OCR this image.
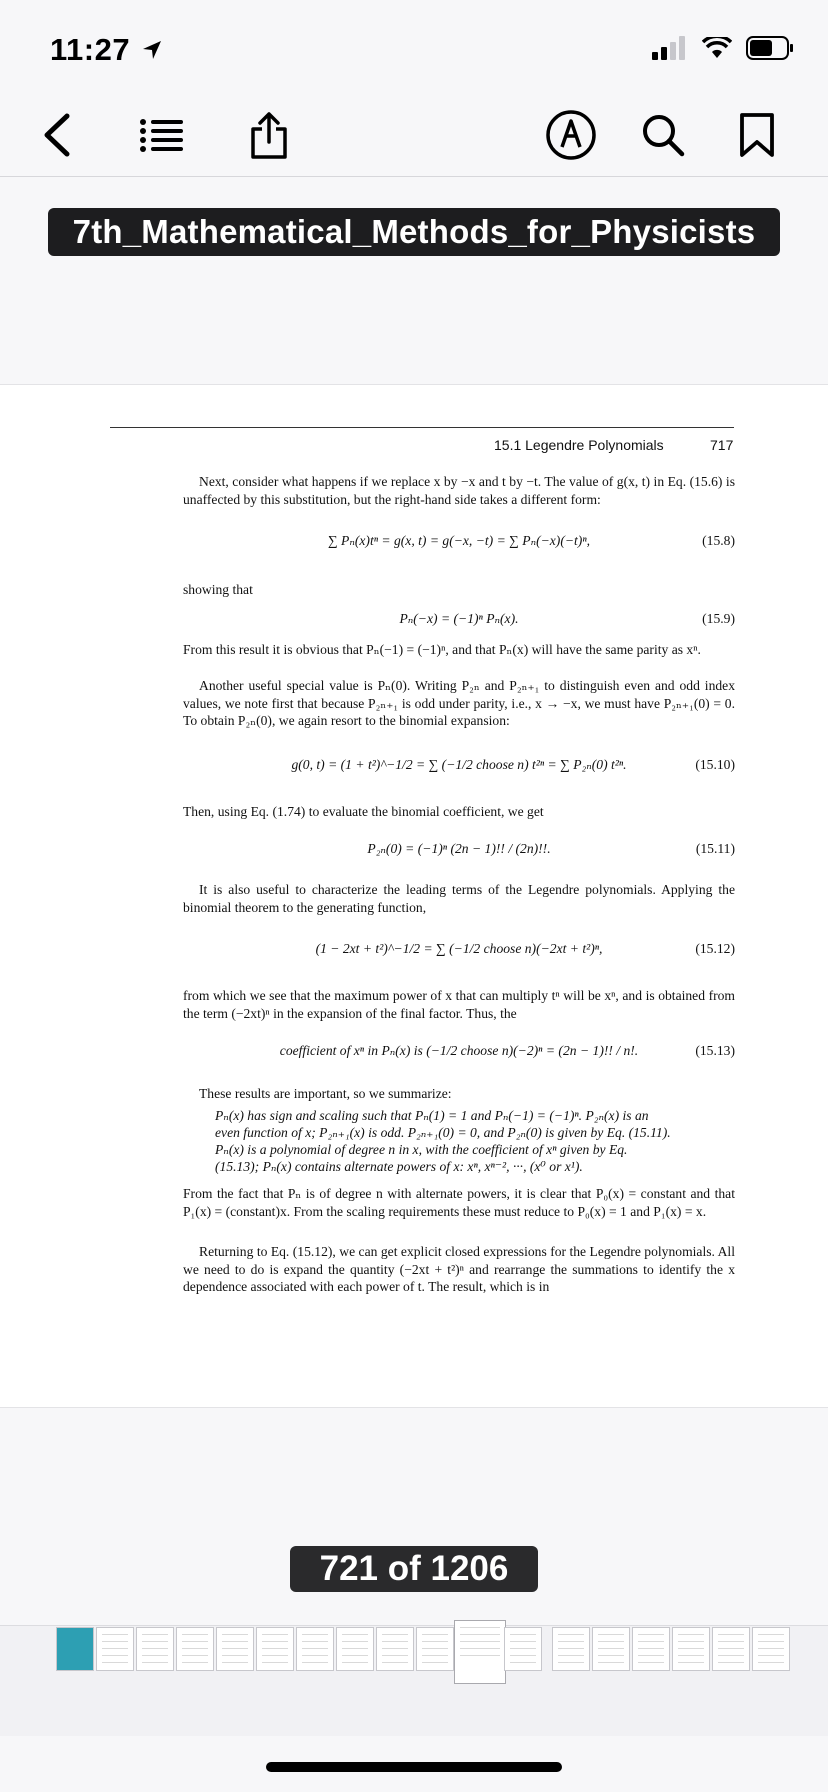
11:27
7th_Mathematical_Methods_for_Physicists
15.1 Legendre Polynomials	717
Next, consider what happens if we replace x by −x and t by −t. The value of g(x, t) in Eq. (15.6) is unaffected by this substitution, but the right-hand side takes a different form:
∑ Pₙ(x)tⁿ = g(x, t) = g(−x, −t) = ∑ Pₙ(−x)(−t)ⁿ,	(15.8)
showing that
Pₙ(−x) = (−1)ⁿ Pₙ(x).	(15.9)
From this result it is obvious that Pₙ(−1) = (−1)ⁿ, and that Pₙ(x) will have the same parity as xⁿ.
Another useful special value is Pₙ(0). Writing P₂ₙ and P₂ₙ₊₁ to distinguish even and odd index values, we note first that because P₂ₙ₊₁ is odd under parity, i.e., x → −x, we must have P₂ₙ₊₁(0) = 0. To obtain P₂ₙ(0), we again resort to the binomial expansion:
g(0, t) = (1 + t²)^−1/2 = ∑ (−1/2 choose n) t²ⁿ = ∑ P₂ₙ(0) t²ⁿ.	(15.10)
Then, using Eq. (1.74) to evaluate the binomial coefficient, we get
P₂ₙ(0) = (−1)ⁿ (2n − 1)!! / (2n)!!.	(15.11)
It is also useful to characterize the leading terms of the Legendre polynomials. Applying the binomial theorem to the generating function,
(1 − 2xt + t²)^−1/2 = ∑ (−1/2 choose n)(−2xt + t²)ⁿ,	(15.12)
from which we see that the maximum power of x that can multiply tⁿ will be xⁿ, and is obtained from the term (−2xt)ⁿ in the expansion of the final factor. Thus, the
coefficient of xⁿ in Pₙ(x) is (−1/2 choose n)(−2)ⁿ = (2n − 1)!! / n!.	(15.13)
These results are important, so we summarize:
Pₙ(x) has sign and scaling such that Pₙ(1) = 1 and Pₙ(−1) = (−1)ⁿ. P₂ₙ(x) is an even function of x; P₂ₙ₊₁(x) is odd. P₂ₙ₊₁(0) = 0, and P₂ₙ(0) is given by Eq. (15.11). Pₙ(x) is a polynomial of degree n in x, with the coefficient of xⁿ given by Eq. (15.13); Pₙ(x) contains alternate powers of x: xⁿ, xⁿ⁻², ···, (x⁰ or x¹).
From the fact that Pₙ is of degree n with alternate powers, it is clear that P₀(x) = constant and that P₁(x) = (constant)x. From the scaling requirements these must reduce to P₀(x) = 1 and P₁(x) = x.
Returning to Eq. (15.12), we can get explicit closed expressions for the Legendre polynomials. All we need to do is expand the quantity (−2xt + t²)ⁿ and rearrange the summations to identify the x dependence associated with each power of t. The result, which is in
721 of 1206
